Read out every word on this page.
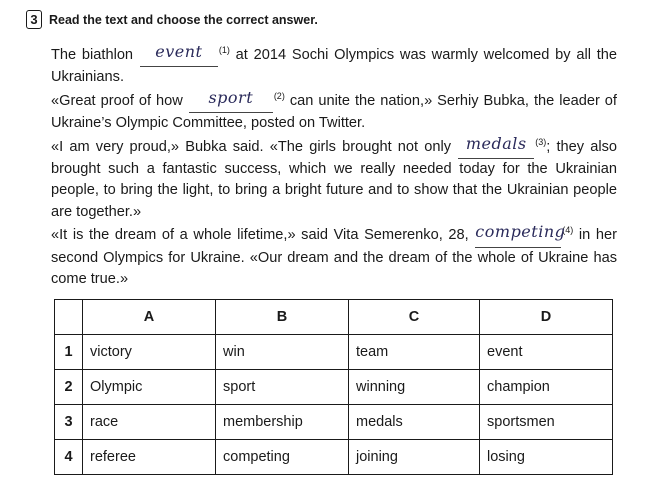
3 Read the text and choose the correct answer.

The biathlon event $^{(1)}$ at 2014 Sochi Olympics was warmly welcomed by all the Ukrainians.

«Great proof of how sport $^{(2)}$ can unite the nation,» Serhiy Bubka, the leader of Ukraine’s Olympic Committee, posted on Twitter.

«I am very proud,» Bubka said. «The girls brought not only medals $^{(3)}$; they also brought such a fantastic success, which we really needed today for the Ukrainian people, to bring the light, to bring a bright future and to show that the Ukrainian people are together.»

«It is the dream of a whole lifetime,» said Vita Semerenko, 28, competing$^{(4)}$ in her second Olympics for Ukraine. «Our dream and the dream of the whole of Ukraine has come true.»

	A	B	C	D
1	victory	win	team	event
2	Olympic	sport	winning	champion
3	race	membership	medals	sportsmen
4	referee	competing	joining	losing
